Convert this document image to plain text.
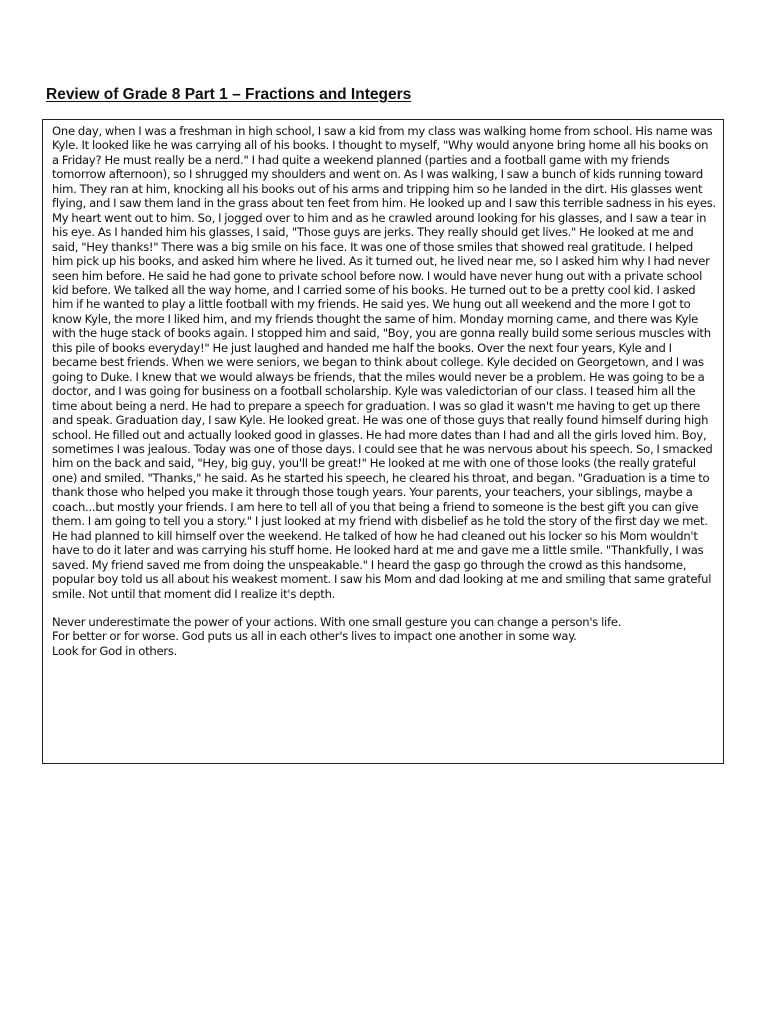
Review of Grade 8 Part 1 – Fractions and Integers

One day, when I was a freshman in high school, I saw a kid from my class was walking home from school. His name was Kyle. It looked like he was carrying all of his books. I thought to myself, "Why would anyone bring home all his books on a Friday? He must really be a nerd." I had quite a weekend planned (parties and a football game with my friends tomorrow afternoon), so I shrugged my shoulders and went on. As I was walking, I saw a bunch of kids running toward him. They ran at him, knocking all his books out of his arms and tripping him so he landed in the dirt. His glasses went flying, and I saw them land in the grass about ten feet from him. He looked up and I saw this terrible sadness in his eyes. My heart went out to him. So, I jogged over to him and as he crawled around looking for his glasses, and I saw a tear in his eye. As I handed him his glasses, I said, "Those guys are jerks. They really should get lives." He looked at me and said, "Hey thanks!" There was a big smile on his face. It was one of those smiles that showed real gratitude. I helped him pick up his books, and asked him where he lived. As it turned out, he lived near me, so I asked him why I had never seen him before. He said he had gone to private school before now. I would have never hung out with a private school kid before. We talked all the way home, and I carried some of his books. He turned out to be a pretty cool kid. I asked him if he wanted to play a little football with my friends. He said yes. We hung out all weekend and the more I got to know Kyle, the more I liked him, and my friends thought the same of him. Monday morning came, and there was Kyle with the huge stack of books again. I stopped him and said, "Boy, you are gonna really build some serious muscles with this pile of books everyday!" He just laughed and handed me half the books. Over the next four years, Kyle and I became best friends. When we were seniors, we began to think about college. Kyle decided on Georgetown, and I was going to Duke. I knew that we would always be friends, that the miles would never be a problem. He was going to be a doctor, and I was going for business on a football scholarship. Kyle was valedictorian of our class. I teased him all the time about being a nerd. He had to prepare a speech for graduation. I was so glad it wasn't me having to get up there and speak. Graduation day, I saw Kyle. He looked great. He was one of those guys that really found himself during high school. He filled out and actually looked good in glasses. He had more dates than I had and all the girls loved him. Boy, sometimes I was jealous. Today was one of those days. I could see that he was nervous about his speech. So, I smacked him on the back and said, "Hey, big guy, you'll be great!" He looked at me with one of those looks (the really grateful one) and smiled. "Thanks," he said. As he started his speech, he cleared his throat, and began. "Graduation is a time to thank those who helped you make it through those tough years. Your parents, your teachers, your siblings, maybe a coach...but mostly your friends. I am here to tell all of you that being a friend to someone is the best gift you can give them. I am going to tell you a story." I just looked at my friend with disbelief as he told the story of the first day we met. He had planned to kill himself over the weekend. He talked of how he had cleaned out his locker so his Mom wouldn't have to do it later and was carrying his stuff home. He looked hard at me and gave me a little smile. "Thankfully, I was saved. My friend saved me from doing the unspeakable." I heard the gasp go through the crowd as this handsome, popular boy told us all about his weakest moment. I saw his Mom and dad looking at me and smiling that same grateful smile. Not until that moment did I realize it's depth.

Never underestimate the power of your actions. With one small gesture you can change a person's life.
For better or for worse. God puts us all in each other's lives to impact one another in some way.
Look for God in others.
